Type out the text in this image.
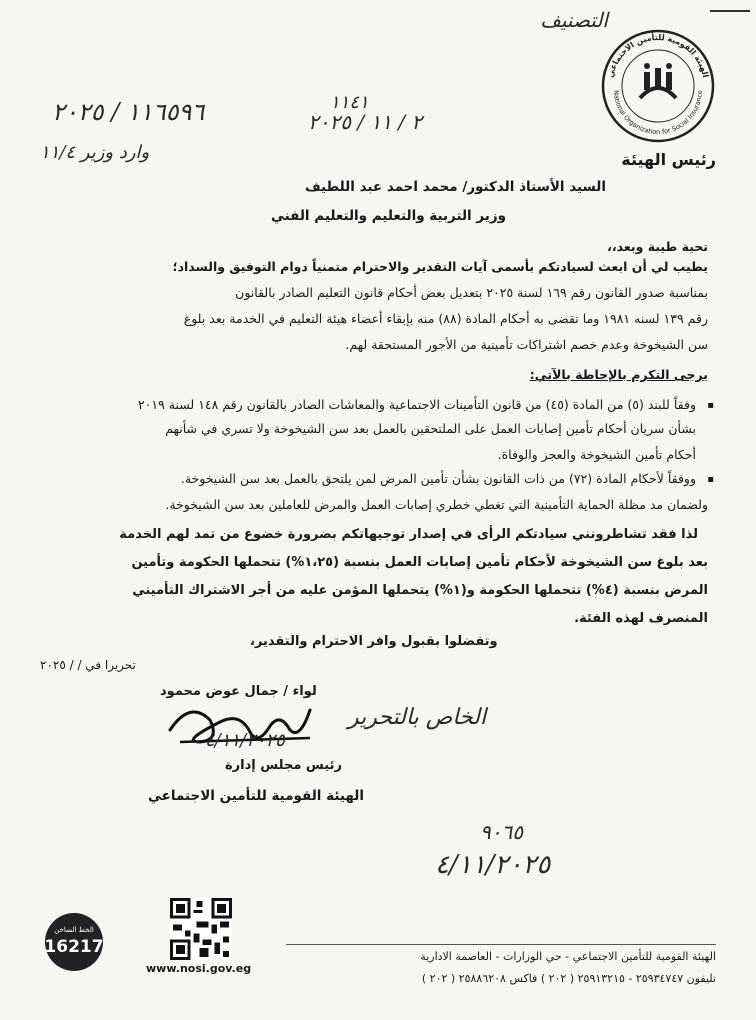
التصنيف
١١٤١
٢ / ١١ / ٢٠٢٥
١١٦٥٩٦ / ٢٠٢٥
وارد وزير ١١/٤
الهيئة القومية للتأمين الاجتماعي
National Organization for Social Insurance
رئيس الهيئة
السيد الأستاذ الدكتور/ محمد احمد عبد اللطيف
وزير التربية والتعليم والتعليم الفني
تحية طيبة وبعد،،
يطيب لي أن ابعث لسيادتكم بأسمى آيات التقدير والاحترام متمنياً دوام التوفيق والسداد؛
بمناسبة صدور القانون رقم ١٦٩ لسنة ٢٠٢٥ بتعديل بعض أحكام قانون التعليم الصادر بالقانون
رقم ١٣٩ لسنه ١٩٨١ وما تقضى به أحكام المادة (٨٨) منه بإبقاء أعضاء هيئة التعليم في الخدمة بعد بلوغ
سن الشيخوخة وعدم خصم اشتراكات تأمينية من الأجور المستحقة لهم.
يرجى التكرم بالإحاطة بالآتي:
▪ وفقاً للبند (٥) من المادة (٤٥) من قانون التأمينات الاجتماعية والمعاشات الصادر بالقانون رقم ١٤٨ لسنة ٢٠١٩
بشأن سريان أحكام تأمين إصابات العمل على الملتحقين بالعمل بعد سن الشيخوخة ولا تسري في شأنهم
أحكام تأمين الشيخوخة والعجز والوفاة.
▪ ووفقاً لأحكام المادة (٧٢) من ذات القانون بشأن تأمين المرض لمن يلتحق بالعمل بعد سن الشيخوخة.
ولضمان مد مظلة الحماية التأمينية التي تغطي خطري إصابات العمل والمرض للعاملين بعد سن الشيخوخة.
لذا فقد تشاطرونني سيادتكم الرأى في إصدار توجيهاتكم بضرورة خضوع من تمد لهم الخدمة
بعد بلوغ سن الشيخوخة لأحكام تأمين إصابات العمل بنسبة (١،٢٥%) تتحملها الحكومة وتأمين
المرض بنسبة (٤%) تتحملها الحكومة و(١%) يتحملها المؤمن عليه من أجر الاشتراك التأميني
المنصرف لهذه الفئة.
وتفضلوا بقبول وافر الاحترام والتقدير،
تحريرا في / / ٢٠٢٥
لواء / جمال عوض محمود
٤/١١/٢٠٢٥
الخاص بالتحرير
رئيس مجلس إدارة
الهيئة القومية للتأمين الاجتماعي
٩٠٦٥
٤/١١/٢٠٢٥
الخط الساخن
16217
www.nosi.gov.eg
الهيئة القومية للتأمين الاجتماعي - حي الوزارات - العاصمة الادارية
تليفون ٢٥٩٣٤٧٤٧ - ٢٥٩١٣٢١٥ ( ٢٠٢ ) فاكس ٢٥٨٨٦٢٠٨ ( ٢٠٢ )
